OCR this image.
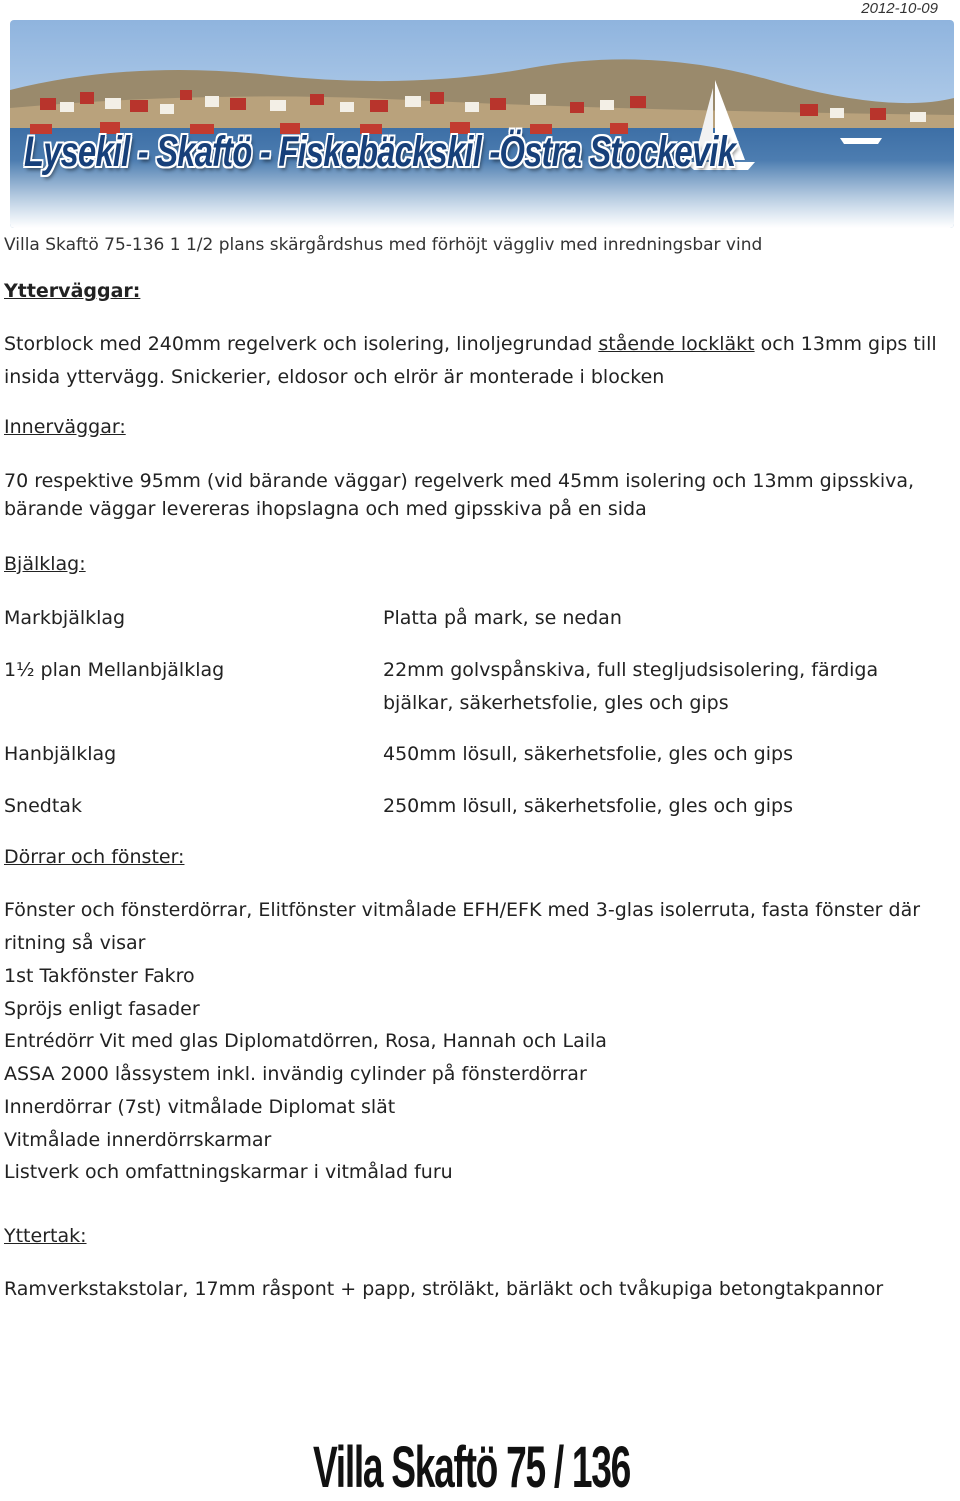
2012-10-09
Lysekil - Skaftö - Fiskebäckskil -Östra Stockevik
Villa Skaftö 75-136 1 1/2 plans skärgårdshus med förhöjt väggliv med inredningsbar vind
Ytterväggar:
Storblock med 240mm regelverk och isolering, linoljegrundad stående lockläkt och 13mm gips till
insida yttervägg. Snickerier, eldosor och elrör är monterade i blocken
Innerväggar:
70 respektive 95mm (vid bärande väggar) regelverk med 45mm isolering och 13mm gipsskiva,
bärande väggar levereras ihopslagna och med gipsskiva på en sida
Bjälklag:
Markbjälklag	Platta på mark, se nedan
1½ plan Mellanbjälklag	22mm golvspånskiva, full stegljudsisolering, färdiga
bjälkar, säkerhetsfolie, gles och gips
Hanbjälklag	450mm lösull, säkerhetsfolie, gles och gips
Snedtak	250mm lösull, säkerhetsfolie, gles och gips
Dörrar och fönster:
Fönster och fönsterdörrar, Elitfönster vitmålade EFH/EFK med 3-glas isolerruta, fasta fönster där
ritning så visar
1st Takfönster Fakro
Spröjs enligt fasader
Entrédörr Vit med glas Diplomatdörren, Rosa, Hannah och Laila
ASSA 2000 låssystem inkl. invändig cylinder på fönsterdörrar
Innerdörrar (7st) vitmålade Diplomat slät
Vitmålade innerdörrskarmar
Listverk och omfattningskarmar i vitmålad furu
Yttertak:
Ramverkstakstolar, 17mm råspont + papp, ströläkt, bärläkt och tvåkupiga betongtakpannor
Villa Skaftö 75 / 136
